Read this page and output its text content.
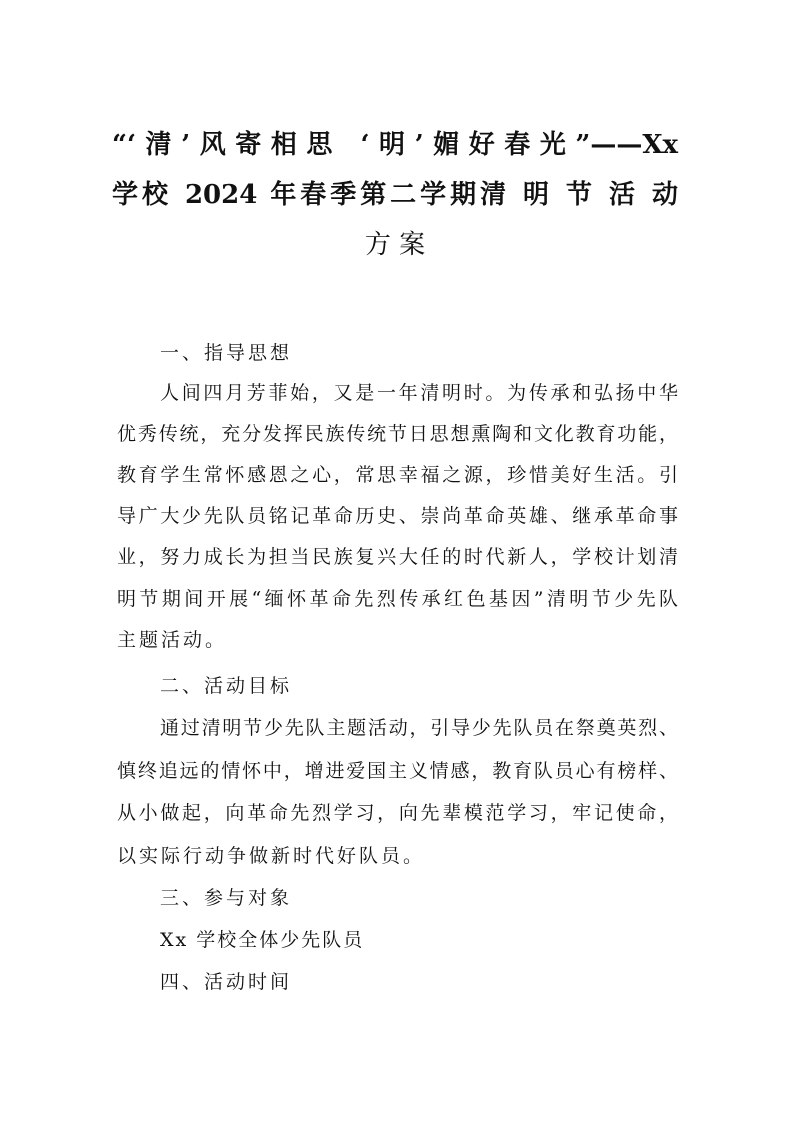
“‘清’风寄相思 ‘明’媚好春光”——Xx
学校 2024 年春季第二学期清 明 节 活 动
方 案
一、指导思想
人间四月芳菲始，又是一年清明时。为传承和弘扬中华
优秀传统，充分发挥民族传统节日思想熏陶和文化教育功能，
教育学生常怀感恩之心，常思幸福之源，珍惜美好生活。引
导广大少先队员铭记革命历史、崇尚革命英雄、继承革命事
业，努力成长为担当民族复兴大任的时代新人，学校计划清
明节期间开展“缅怀革命先烈传承红色基因”清明节少先队
主题活动。
二、活动目标
通过清明节少先队主题活动，引导少先队员在祭奠英烈、
慎终追远的情怀中，增进爱国主义情感，教育队员心有榜样、
从小做起，向革命先烈学习，向先辈模范学习，牢记使命，
以实际行动争做新时代好队员。
三、参与对象
Xx 学校全体少先队员
四、活动时间
